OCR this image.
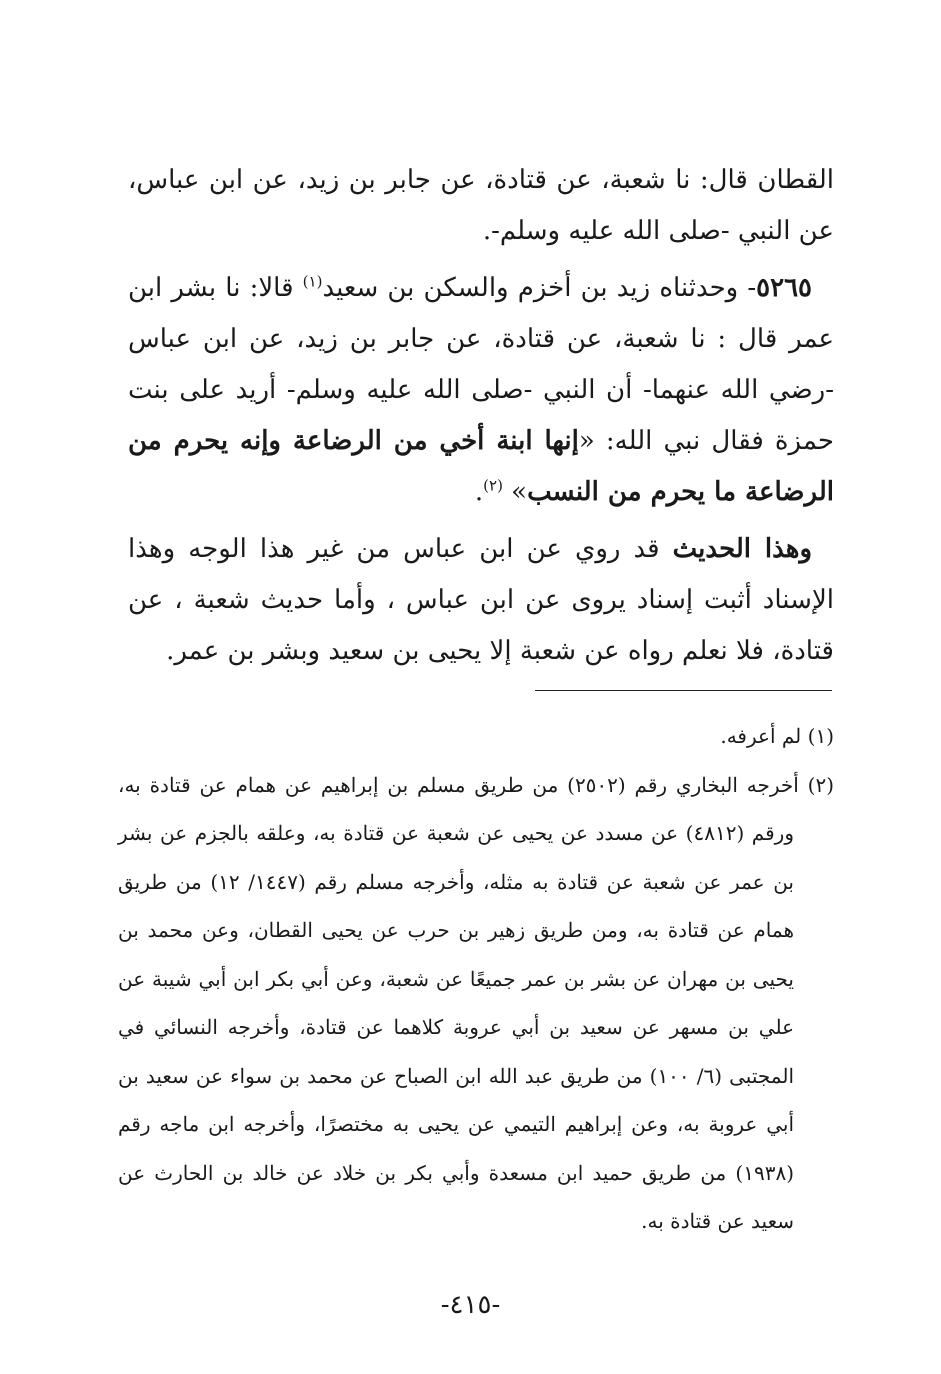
القطان قال: نا شعبة، عن قتادة، عن جابر بن زيد، عن ابن عباس، عن النبي -صلى الله عليه وسلم-.

٥٢٦٥- وحدثناه زيد بن أخزم والسكن بن سعيد$^{(١)}$ قالا: نا بشر ابن عمر قال : نا شعبة، عن قتادة، عن جابر بن زيد، عن ابن عباس -رضي الله عنهما- أن النبي -صلى الله عليه وسلم- أريد على بنت حمزة فقال نبي الله: «إنها ابنة أخي من الرضاعة وإنه يحرم من الرضاعة ما يحرم من النسب» $^{(٢)}$.

وهذا الحديث قد روي عن ابن عباس من غير هذا الوجه وهذا الإسناد أثبت إسناد يروى عن ابن عباس ، وأما حديث شعبة ، عن قتادة، فلا نعلم رواه عن شعبة إلا يحيى بن سعيد وبشر بن عمر.

(١) لم أعرفه.
(٢) أخرجه البخاري رقم (٢٥٠٢) من طريق مسلم بن إبراهيم عن همام عن قتادة به، ورقم (٤٨١٢) عن مسدد عن يحيى عن شعبة عن قتادة به، وعلقه بالجزم عن بشر بن عمر عن شعبة عن قتادة به مثله، وأخرجه مسلم رقم (١٤٤٧/ ١٢) من طريق همام عن قتادة به، ومن طريق زهير بن حرب عن يحيى القطان، وعن محمد بن يحيى بن مهران عن بشر بن عمر جميعًا عن شعبة، وعن أبي بكر ابن أبي شيبة عن علي بن مسهر عن سعيد بن أبي عروبة كلاهما عن قتادة، وأخرجه النسائي في المجتبى (٦/ ١٠٠) من طريق عبد الله ابن الصباح عن محمد بن سواء عن سعيد بن أبي عروبة به، وعن إبراهيم التيمي عن يحيى به مختصرًا، وأخرجه ابن ماجه رقم (١٩٣٨) من طريق حميد ابن مسعدة وأبي بكر بن خلاد عن خالد بن الحارث عن سعيد عن قتادة به.
-٤١٥-
